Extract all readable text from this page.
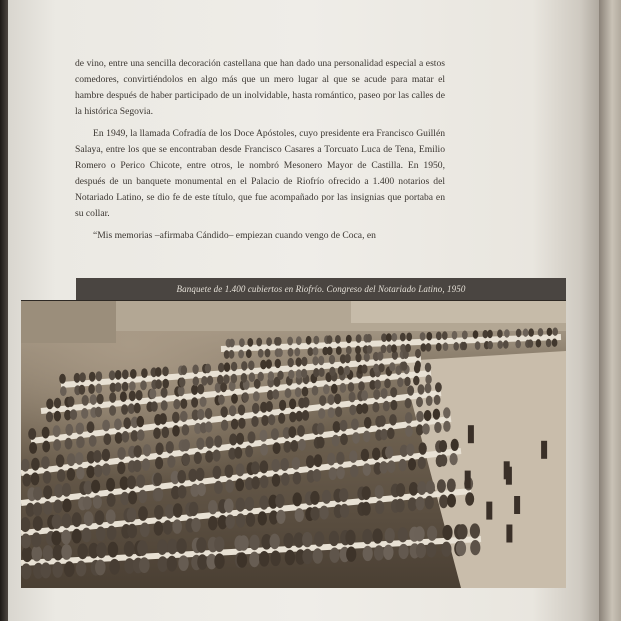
de vino, entre una sencilla decoración castellana que han dado una personalidad especial a estos comedores, convirtiéndolos en algo más que un mero lugar al que se acude para matar el hambre después de haber participado de un inolvidable, hasta romántico, paseo por las calles de la histórica Segovia.

En 1949, la llamada Cofradía de los Doce Apóstoles, cuyo presidente era Francisco Guillén Salaya, entre los que se encontraban desde Francisco Casares a Torcuato Luca de Tena, Emilio Romero o Perico Chicote, entre otros, le nombró Mesonero Mayor de Castilla. En 1950, después de un banquete monumental en el Palacio de Riofrío ofrecido a 1.400 notarios del Notariado Latino, se dio fe de este título, que fue acompañado por las insignias que portaba en su collar.

“Mis memorias –afirmaba Cándido– empiezan cuando vengo de Coca, en

Banquete de 1.400 cubiertos en Riofrío. Congreso del Notariado Latino, 1950
